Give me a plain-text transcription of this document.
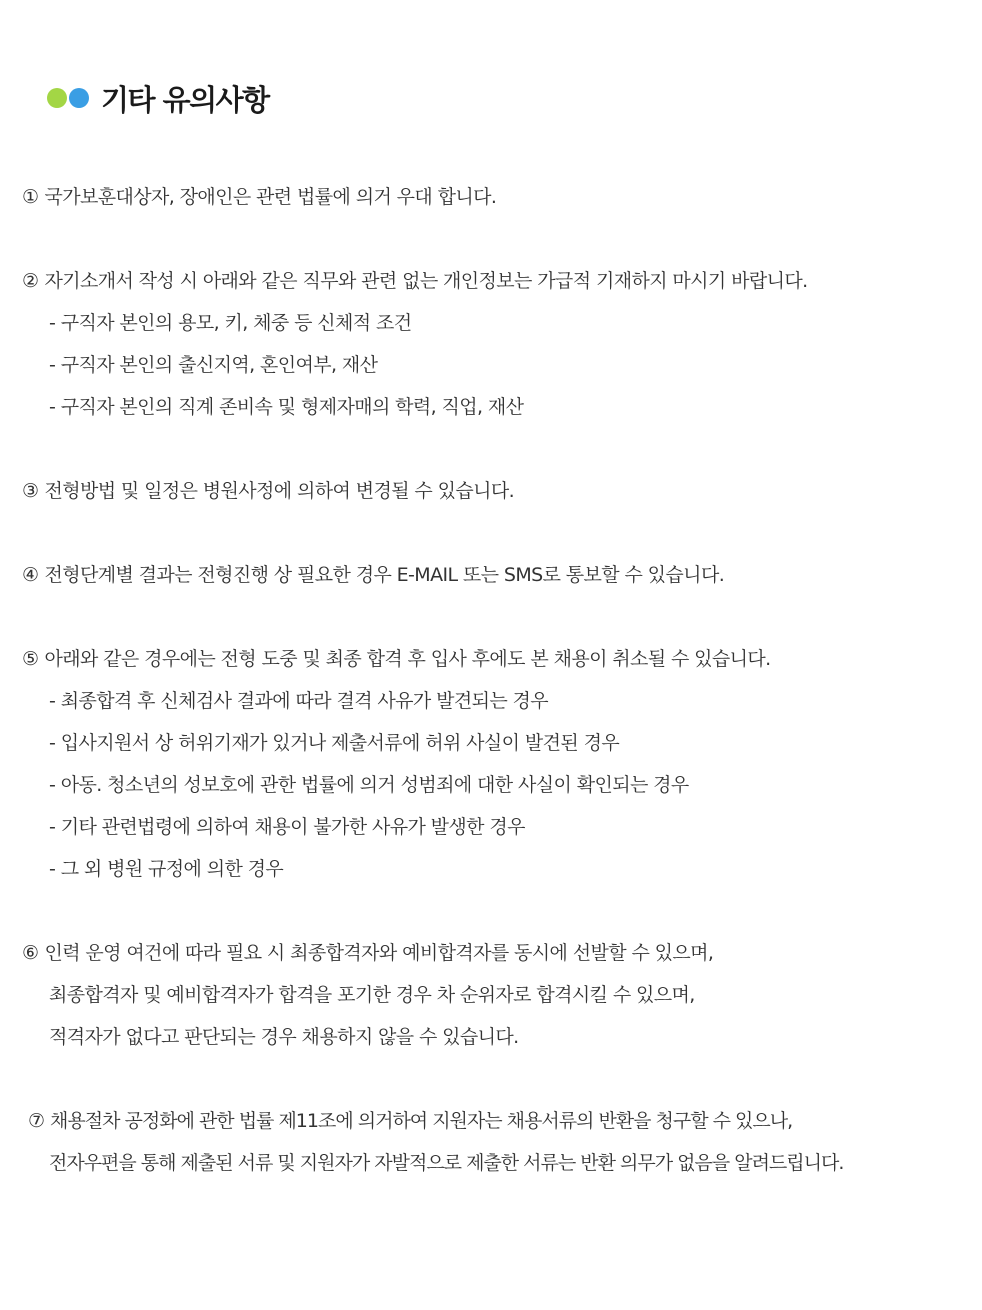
기타 유의사항
① 국가보훈대상자, 장애인은 관련 법률에 의거 우대 합니다.
② 자기소개서 작성 시 아래와 같은 직무와 관련 없는 개인정보는 가급적 기재하지 마시기 바랍니다.
- 구직자 본인의 용모, 키, 체중 등 신체적 조건
- 구직자 본인의 출신지역, 혼인여부, 재산
- 구직자 본인의 직계 존비속 및 형제자매의 학력, 직업, 재산
③ 전형방법 및 일정은 병원사정에 의하여 변경될 수 있습니다.
④ 전형단계별 결과는 전형진행 상 필요한 경우 E-MAIL 또는 SMS로 통보할 수 있습니다.
⑤ 아래와 같은 경우에는 전형 도중 및 최종 합격 후 입사 후에도 본 채용이 취소될 수 있습니다.
- 최종합격 후 신체검사 결과에 따라 결격 사유가 발견되는 경우
- 입사지원서 상 허위기재가 있거나 제출서류에 허위 사실이 발견된 경우
- 아동. 청소년의 성보호에 관한 법률에 의거 성범죄에 대한 사실이 확인되는 경우
- 기타 관련법령에 의하여 채용이 불가한 사유가 발생한 경우
- 그 외 병원 규정에 의한 경우
⑥ 인력 운영 여건에 따라 필요 시 최종합격자와 예비합격자를 동시에 선발할 수 있으며,
최종합격자 및 예비합격자가 합격을 포기한 경우 차 순위자로 합격시킬 수 있으며,
적격자가 없다고 판단되는 경우 채용하지 않을 수 있습니다.
⑦ 채용절차 공정화에 관한 법률 제11조에 의거하여 지원자는 채용서류의 반환을 청구할 수 있으나,
전자우편을 통해 제출된 서류 및 지원자가 자발적으로 제출한 서류는 반환 의무가 없음을 알려드립니다.
